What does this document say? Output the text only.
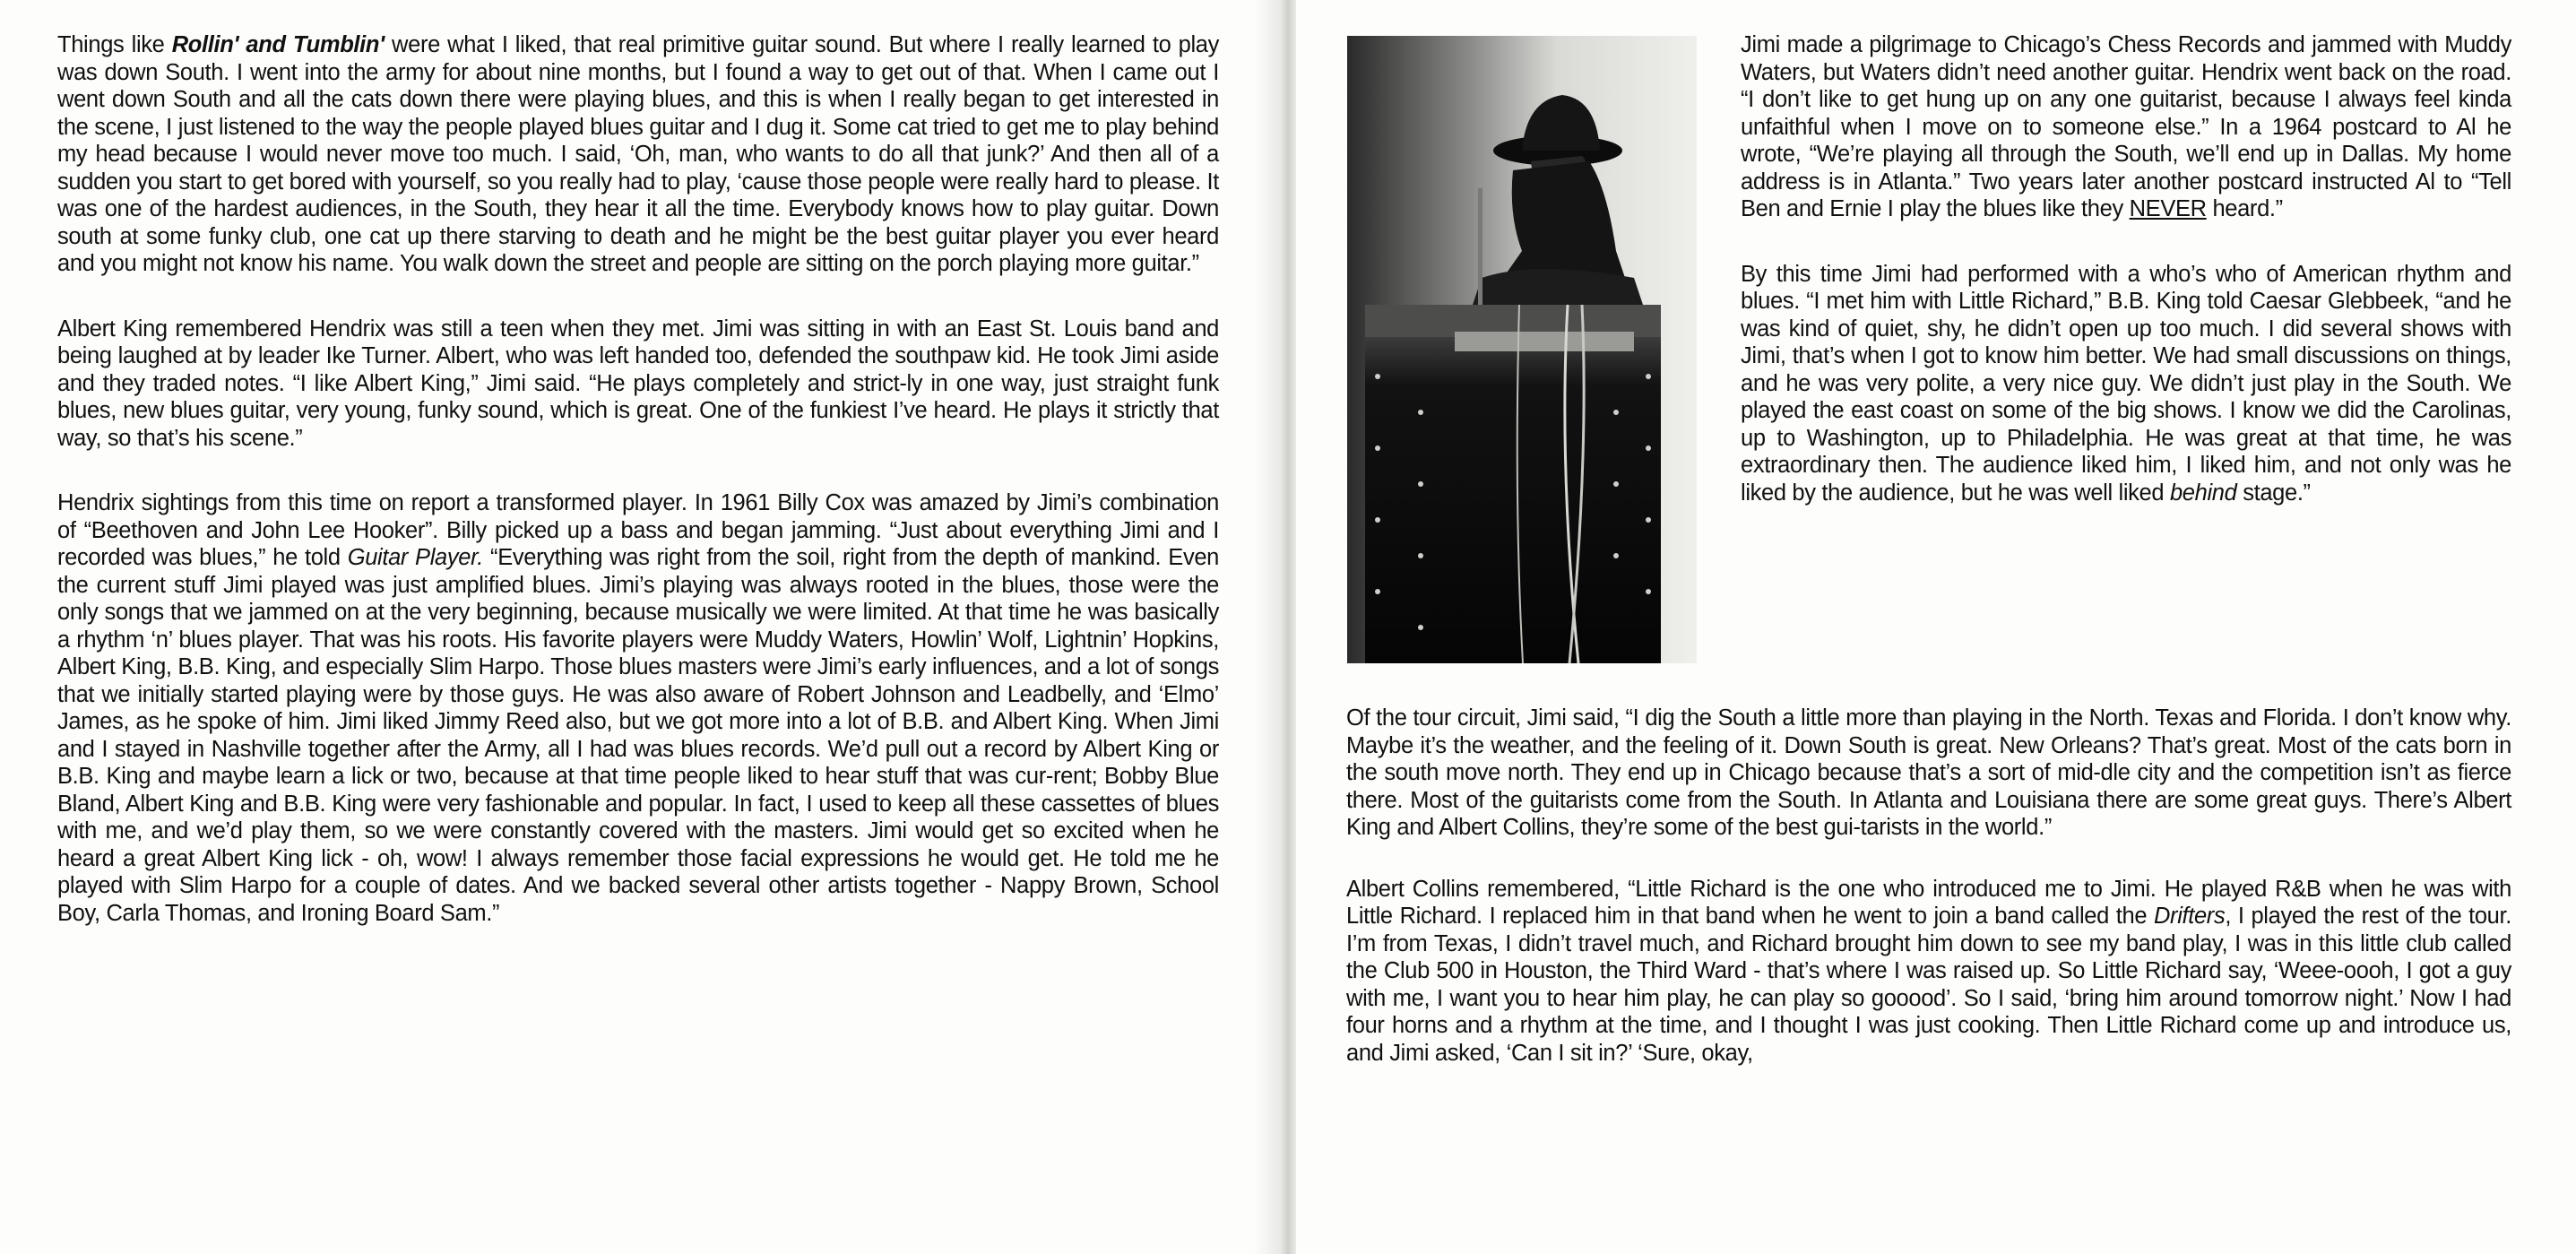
Things like Rollin' and Tumblin' were what I liked, that real primitive guitar sound. But where I really learned to play was down South. I went into the army for about nine months, but I found a way to get out of that. When I came out I went down South and all the cats down there were playing blues, and this is when I really began to get interested in the scene, I just listened to the way the people played blues guitar and I dug it. Some cat tried to get me to play behind my head because I would never move too much. I said, ‘Oh, man, who wants to do all that junk?’ And then all of a sudden you start to get bored with yourself, so you really had to play, ‘cause those people were really hard to please. It was one of the hardest audiences, in the South, they hear it all the time. Everybody knows how to play guitar. Down south at some funky club, one cat up there starving to death and he might be the best guitar player you ever heard and you might not know his name. You walk down the street and people are sitting on the porch playing more guitar.”

Albert King remembered Hendrix was still a teen when they met. Jimi was sitting in with an East St. Louis band and being laughed at by leader Ike Turner. Albert, who was left handed too, defended the southpaw kid. He took Jimi aside and they traded notes. “I like Albert King,” Jimi said. “He plays completely and strict-ly in one way, just straight funk blues, new blues guitar, very young, funky sound, which is great. One of the funkiest I’ve heard. He plays it strictly that way, so that’s his scene.”

Hendrix sightings from this time on report a transformed player. In 1961 Billy Cox was amazed by Jimi’s combination of “Beethoven and John Lee Hooker”. Billy picked up a bass and began jamming. “Just about everything Jimi and I recorded was blues,” he told Guitar Player. “Everything was right from the soil, right from the depth of mankind. Even the current stuff Jimi played was just amplified blues. Jimi’s playing was always rooted in the blues, those were the only songs that we jammed on at the very beginning, because musically we were limited. At that time he was basically a rhythm ‘n’ blues player. That was his roots. His favorite players were Muddy Waters, Howlin’ Wolf, Lightnin’ Hopkins, Albert King, B.B. King, and especially Slim Harpo. Those blues masters were Jimi’s early influences, and a lot of songs that we initially started playing were by those guys. He was also aware of Robert Johnson and Leadbelly, and ‘Elmo’ James, as he spoke of him. Jimi liked Jimmy Reed also, but we got more into a lot of B.B. and Albert King. When Jimi and I stayed in Nashville together after the Army, all I had was blues records. We’d pull out a record by Albert King or B.B. King and maybe learn a lick or two, because at that time people liked to hear stuff that was cur-rent; Bobby Blue Bland, Albert King and B.B. King were very fashionable and popular. In fact, I used to keep all these cassettes of blues with me, and we’d play them, so we were constantly covered with the masters. Jimi would get so excited when he heard a great Albert King lick - oh, wow! I always remember those facial expressions he would get. He told me he played with Slim Harpo for a couple of dates. And we backed several other artists together - Nappy Brown, School Boy, Carla Thomas, and Ironing Board Sam.”

Jimi made a pilgrimage to Chicago’s Chess Records and jammed with Muddy Waters, but Waters didn’t need another guitar. Hendrix went back on the road. “I don’t like to get hung up on any one guitarist, because I always feel kinda unfaithful when I move on to someone else.” In a 1964 postcard to Al he wrote, “We’re playing all through the South, we’ll end up in Dallas. My home address is in Atlanta.” Two years later another postcard instructed Al to “Tell Ben and Ernie I play the blues like they NEVER heard.”

By this time Jimi had performed with a who’s who of American rhythm and blues. “I met him with Little Richard,” B.B. King told Caesar Glebbeek, “and he was kind of quiet, shy, he didn’t open up too much. I did several shows with Jimi, that’s when I got to know him better. We had small discussions on things, and he was very polite, a very nice guy. We didn’t just play in the South. We played the east coast on some of the big shows. I know we did the Carolinas, up to Washington, up to Philadelphia. He was great at that time, he was extraordinary then. The audience liked him, I liked him, and not only was he liked by the audience, but he was well liked behind stage.”

Of the tour circuit, Jimi said, “I dig the South a little more than playing in the North. Texas and Florida. I don’t know why. Maybe it’s the weather, and the feeling of it. Down South is great. New Orleans? That’s great. Most of the cats born in the south move north. They end up in Chicago because that’s a sort of mid-dle city and the competition isn’t as fierce there. Most of the guitarists come from the South. In Atlanta and Louisiana there are some great guys. There’s Albert King and Albert Collins, they’re some of the best gui-tarists in the world.”

Albert Collins remembered, “Little Richard is the one who introduced me to Jimi. He played R&B when he was with Little Richard. I replaced him in that band when he went to join a band called the Drifters, I played the rest of the tour. I’m from Texas, I didn’t travel much, and Richard brought him down to see my band play, I was in this little club called the Club 500 in Houston, the Third Ward - that’s where I was raised up. So Little Richard say, ‘Weee-oooh, I got a guy with me, I want you to hear him play, he can play so gooood’. So I said, ‘bring him around tomorrow night.’ Now I had four horns and a rhythm at the time, and I thought I was just cooking. Then Little Richard come up and introduce us, and Jimi asked, ‘Can I sit in?’ ‘Sure, okay,
